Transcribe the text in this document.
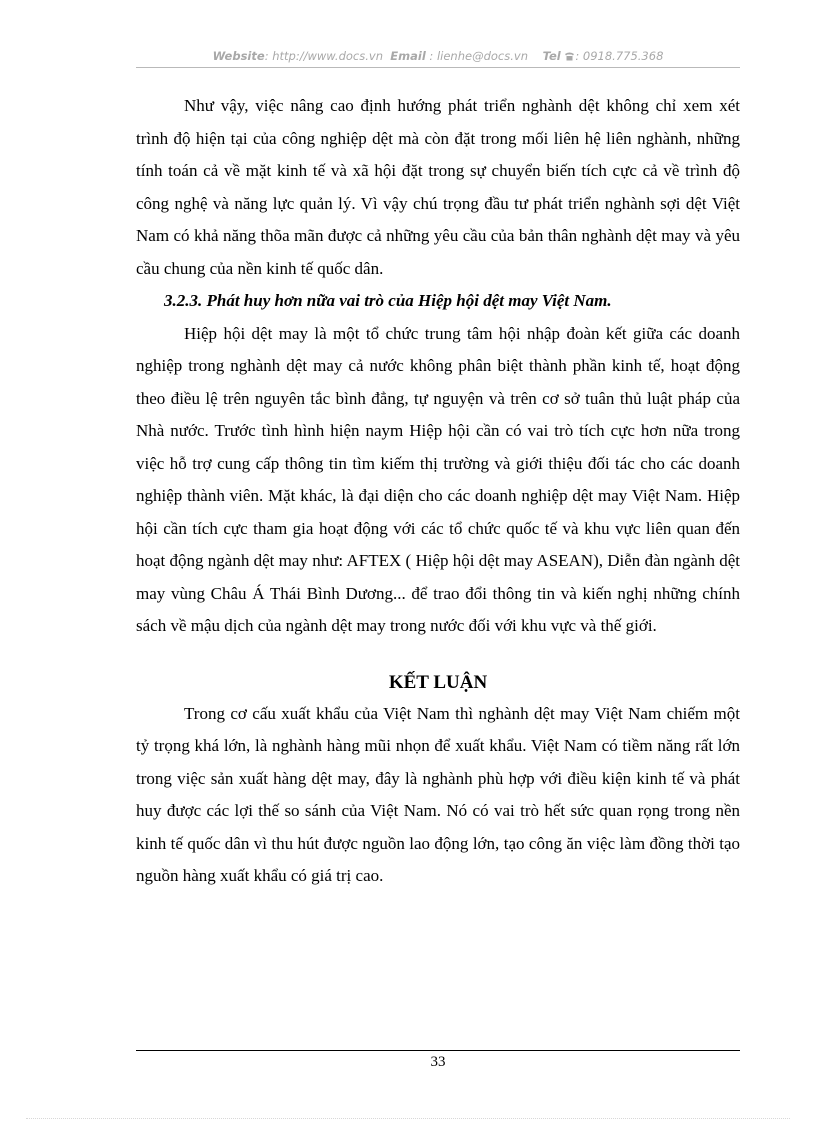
Website: http://www.docs.vn Email : lienhe@docs.vn Tel : 0918.775.368

Như vậy, việc nâng cao định hướng phát triển nghành dệt không chỉ xem xét trình độ hiện tại của công nghiệp dệt mà còn đặt trong mối liên hệ liên nghành, những tính toán cả về mặt kinh tế và xã hội đặt trong sự chuyển biến tích cực cả về trình độ công nghệ và năng lực quản lý. Vì vậy chú trọng đầu tư phát triển nghành sợi dệt Việt Nam có khả năng thõa mãn được cả những yêu cầu của bản thân nghành dệt may và yêu cầu chung của nền kinh tế quốc dân.

3.2.3. Phát huy hơn nữa vai trò của Hiệp hội dệt may Việt Nam.

Hiệp hội dệt may là một tổ chức trung tâm hội nhập đoàn kết giữa các doanh nghiệp trong nghành dệt may cả nước không phân biệt thành phần kinh tế, hoạt động theo điều lệ trên nguyên tắc bình đẳng, tự nguyện và trên cơ sở tuân thủ luật pháp của Nhà nước. Trước tình hình hiện naym Hiệp hội cần có vai trò tích cực hơn nữa trong việc hỗ trợ cung cấp thông tin tìm kiếm thị trường và giới thiệu đối tác cho các doanh nghiệp thành viên. Mặt khác, là đại diện cho các doanh nghiệp dệt may Việt Nam. Hiệp hội cần tích cực tham gia hoạt động với các tổ chức quốc tế và khu vực liên quan đến hoạt động ngành dệt may như: AFTEX ( Hiệp hội dệt may ASEAN), Diễn đàn ngành dệt may vùng Châu Á Thái Bình Dương... để trao đổi thông tin và kiến nghị những chính sách về mậu dịch của ngành dệt may trong nước đối với khu vực và thế giới.

KẾT LUẬN

Trong cơ cấu xuất khẩu của Việt Nam thì nghành dệt may Việt Nam chiếm một tỷ trọng khá lớn, là nghành hàng mũi nhọn để xuất khẩu. Việt Nam có tiềm năng rất lớn trong việc sản xuất hàng dệt may, đây là nghành phù hợp với điều kiện kinh tế và phát huy được các lợi thế so sánh của Việt Nam. Nó có vai trò hết sức quan rọng trong nền kinh tế quốc dân vì thu hút được nguồn lao động lớn, tạo công ăn việc làm đồng thời tạo nguồn hàng xuất khẩu có giá trị cao.

33
